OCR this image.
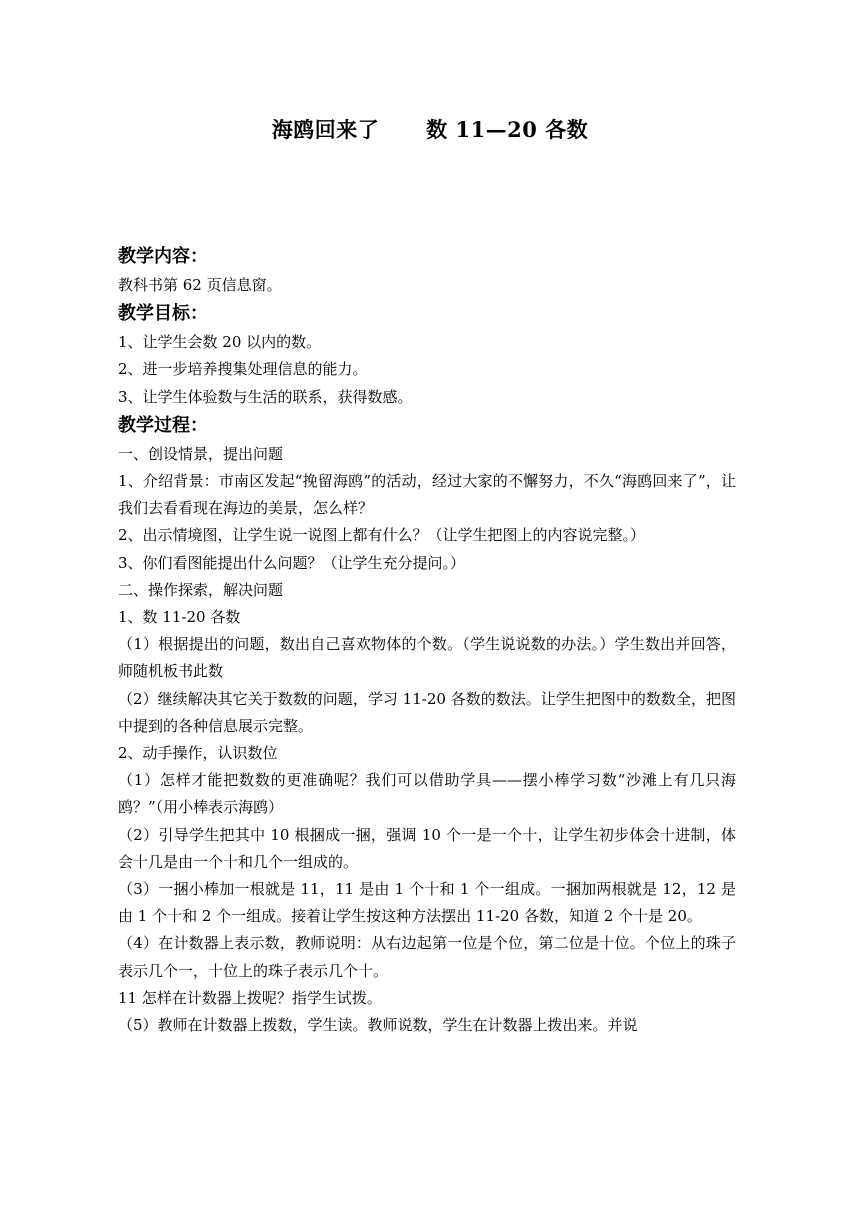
海鸥回来了      数 11—20 各数
教学内容：
教科书第 62 页信息窗。
教学目标：
1、让学生会数 20 以内的数。
2、进一步培养搜集处理信息的能力。
3、让学生体验数与生活的联系，获得数感。
教学过程：
一、创设情景，提出问题
1、介绍背景：市南区发起“挽留海鸥”的活动，经过大家的不懈努力，不久“海鸥回来了”，让我们去看看现在海边的美景，怎么样？
2、出示情境图，让学生说一说图上都有什么？（让学生把图上的内容说完整。）
3、你们看图能提出什么问题？（让学生充分提问。）
二、操作探索，解决问题
1、数 11-20 各数
（1）根据提出的问题，数出自己喜欢物体的个数。（学生说说数的办法。）学生数出并回答，师随机板书此数
（2）继续解决其它关于数数的问题，学习 11-20 各数的数法。让学生把图中的数数全，把图中提到的各种信息展示完整。
2、动手操作，认识数位
（1）怎样才能把数数的更准确呢？我们可以借助学具——摆小棒学习数“沙滩上有几只海鸥？”（用小棒表示海鸥）
（2）引导学生把其中 10 根捆成一捆，强调 10 个一是一个十，让学生初步体会十进制，体会十几是由一个十和几个一组成的。
（3）一捆小棒加一根就是 11，11 是由 1 个十和 1 个一组成。一捆加两根就是 12，12 是由 1 个十和 2 个一组成。接着让学生按这种方法摆出 11-20 各数，知道 2 个十是 20。
（4）在计数器上表示数，教师说明：从右边起第一位是个位，第二位是十位。个位上的珠子表示几个一，十位上的珠子表示几个十。
11 怎样在计数器上拨呢？指学生试拨。
（5）教师在计数器上拨数，学生读。教师说数，学生在计数器上拨出来。并说
